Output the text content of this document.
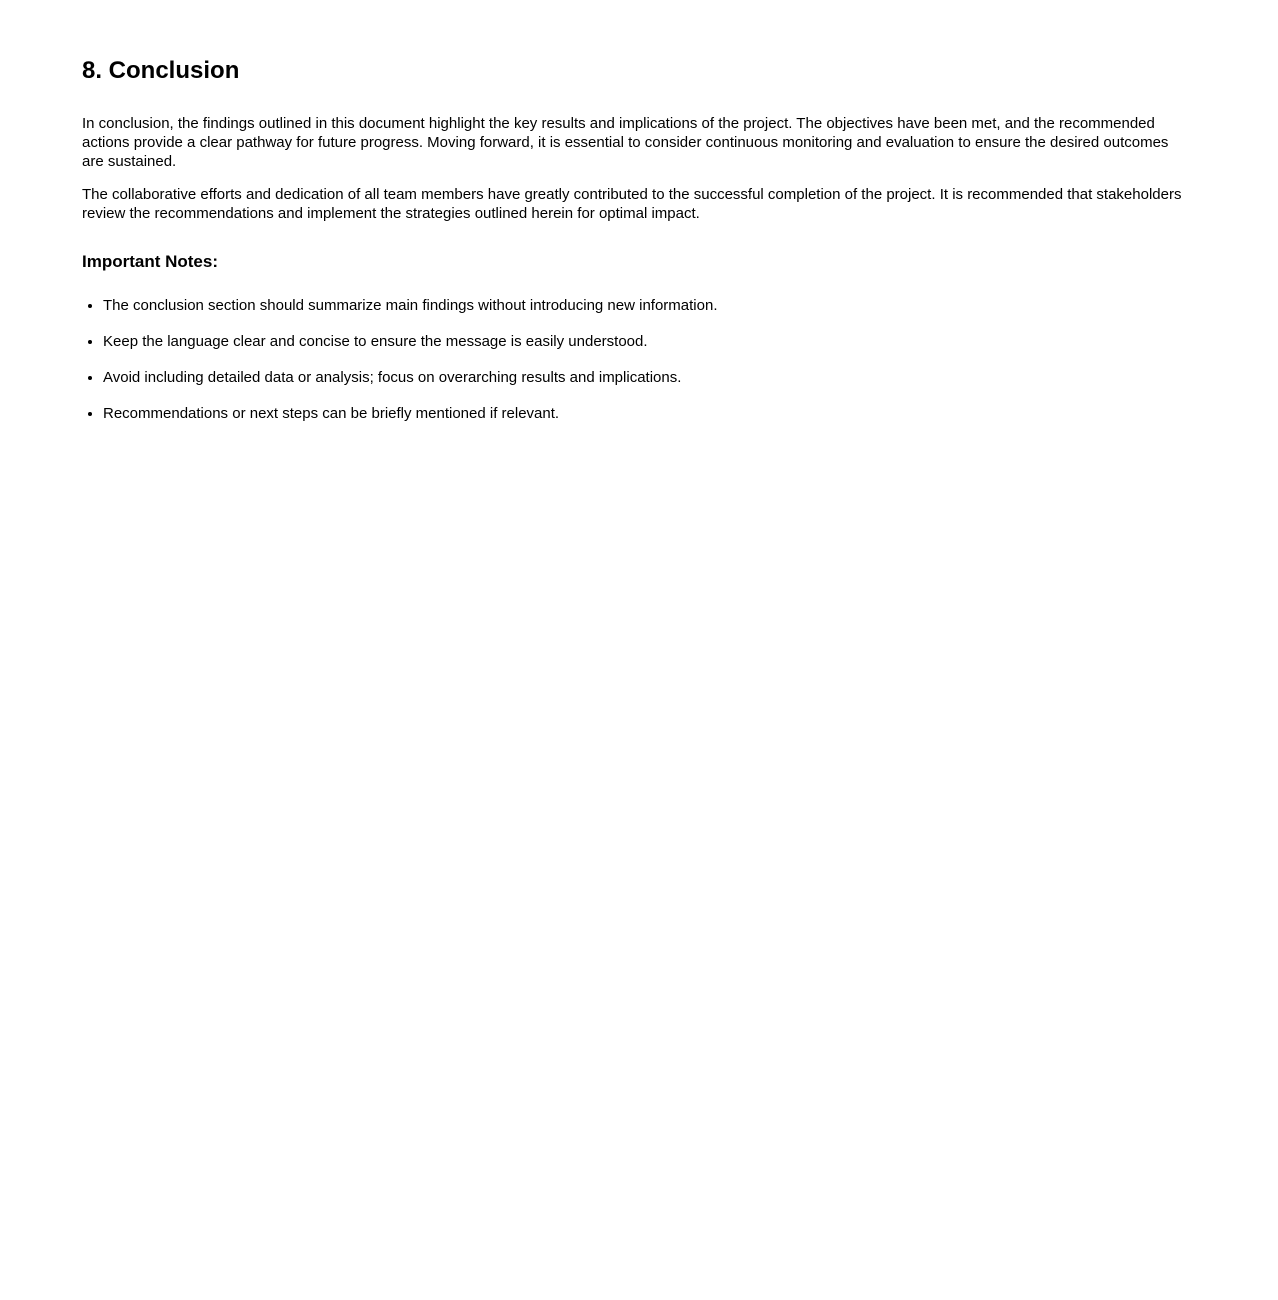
8. Conclusion

In conclusion, the findings outlined in this document highlight the key results and implications of the project. The objectives have been met, and the recommended actions provide a clear pathway for future progress. Moving forward, it is essential to consider continuous monitoring and evaluation to ensure the desired outcomes are sustained.

The collaborative efforts and dedication of all team members have greatly contributed to the successful completion of the project. It is recommended that stakeholders review the recommendations and implement the strategies outlined herein for optimal impact.

Important Notes:
• The conclusion section should summarize main findings without introducing new information.
• Keep the language clear and concise to ensure the message is easily understood.
• Avoid including detailed data or analysis; focus on overarching results and implications.
• Recommendations or next steps can be briefly mentioned if relevant.
